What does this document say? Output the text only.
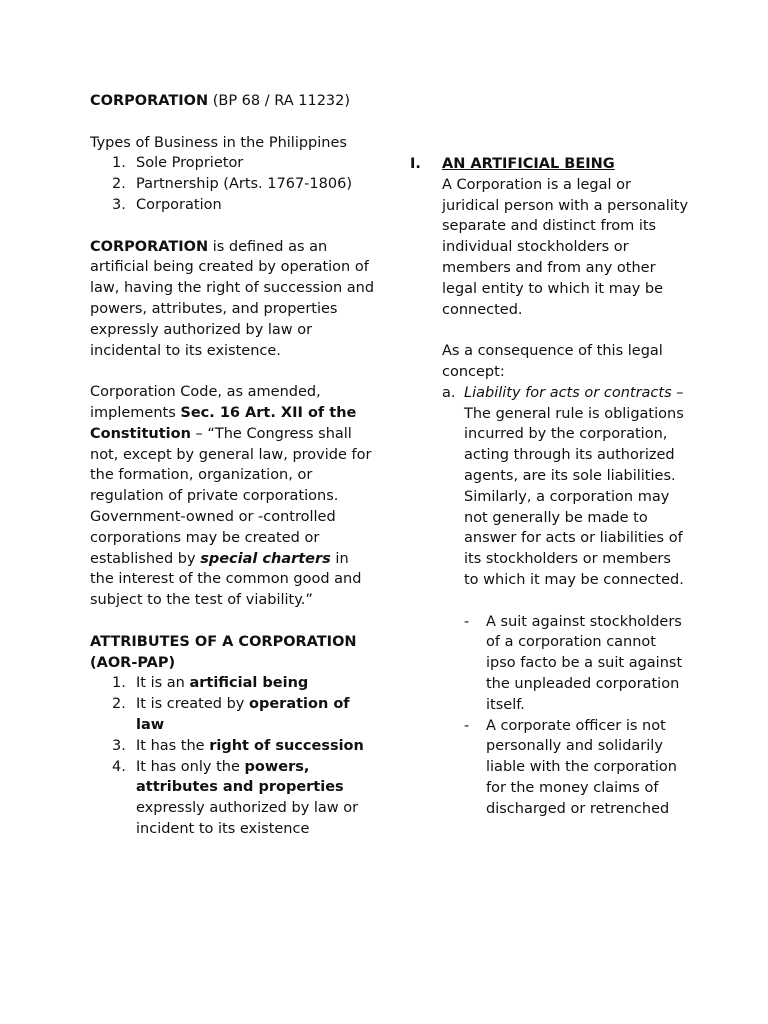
CORPORATION (BP 68 / RA 11232)

Types of Business in the Philippines

1. Sole Proprietor
2. Partnership (Arts. 1767-1806)
3. Corporation

CORPORATION is defined as an artificial being created by operation of law, having the right of succession and powers, attributes, and properties expressly authorized by law or incidental to its existence.

Corporation Code, as amended, implements Sec. 16 Art. XII of the Constitution – “The Congress shall not, except by general law, provide for the formation, organization, or regulation of private corporations. Government-owned or -controlled corporations may be created or established by special charters in the interest of the common good and subject to the test of viability.”

ATTRIBUTES OF A CORPORATION (AOR-PAP)

1. It is an artificial being
2. It is created by operation of law
3. It has the right of succession
4. It has only the powers, attributes and properties expressly authorized by law or incident to its existence
I.	AN ARTIFICIAL BEING

A Corporation is a legal or juridical person with a personality separate and distinct from its individual stockholders or members and from any other legal entity to which it may be connected.

As a consequence of this legal concept:

a. Liability for acts or contracts – The general rule is obligations incurred by the corporation, acting through its authorized agents, are its sole liabilities. Similarly, a corporation may not generally be made to answer for acts or liabilities of its stockholders or members to which it may be connected.
-	A suit against stockholders of a corporation cannot ipso facto be a suit against the unpleaded corporation itself.
-	A corporate officer is not personally and solidarily liable with the corporation for the money claims of discharged or retrenched
